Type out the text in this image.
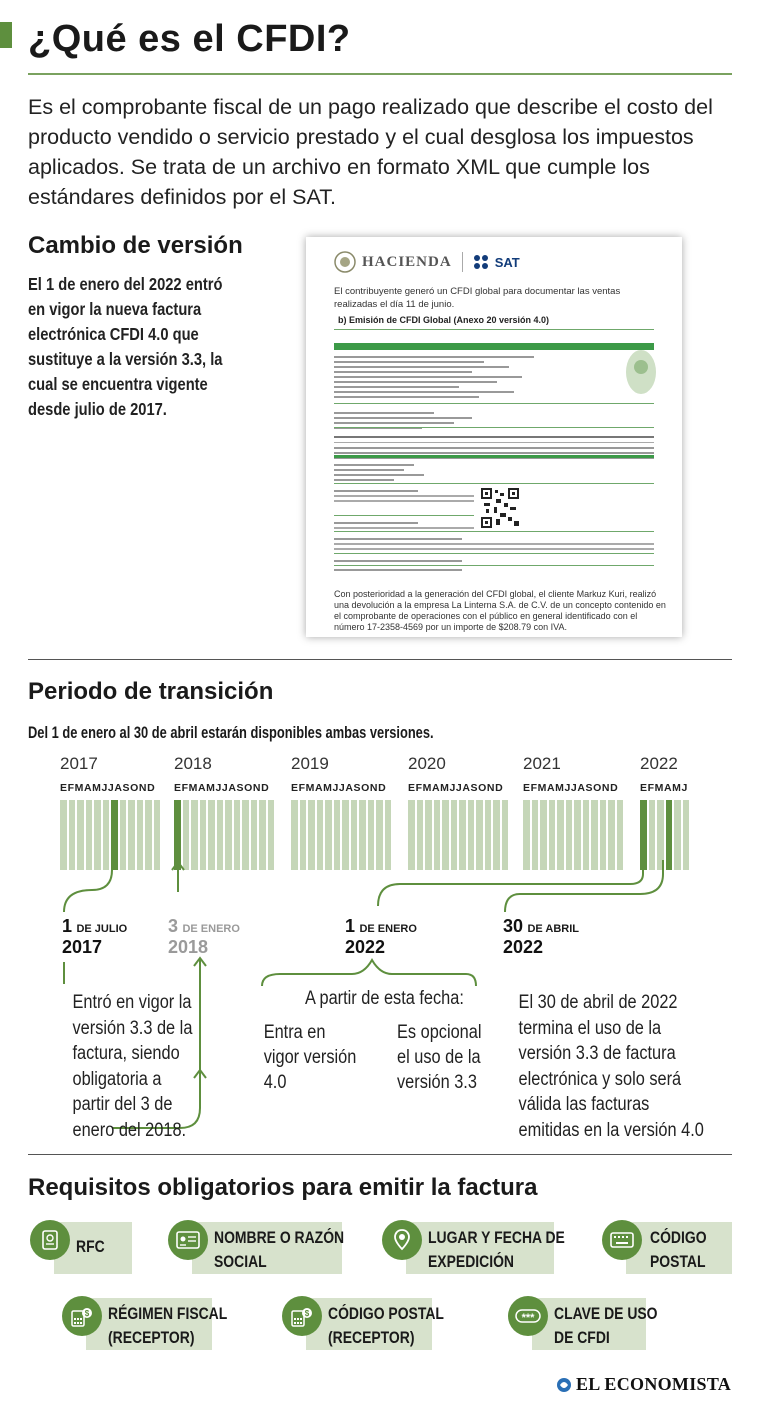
¿Qué es el CFDI?
Es el comprobante fiscal de un pago realizado que describe el costo del producto vendido o servicio prestado y el cual desglosa los impuestos aplicados. Se trata de un archivo en formato XML que cumple los estándares definidos por el SAT.
Cambio de versión
El 1 de enero del 2022 entró en vigor la nueva factura electrónica CFDI 4.0 que sustituye a la versión 3.3, la cual se encuentra vigente desde julio de 2017.
HACIENDA	SAT
El contribuyente generó un CFDI global para documentar las ventas realizadas el día 11 de junio.
b) Emisión de CFDI Global (Anexo 20 versión 4.0)
Con posterioridad a la generación del CFDI global, el cliente Markuz Kuri, realizó una devolución a la empresa La Linterna S.A. de C.V. de un concepto contenido en el comprobante de operaciones con el público en general identificado con el número 17-2358-4569 por un importe de $208.79 con IVA.
Periodo de transición
Del 1 de enero al 30 de abril estarán disponibles ambas versiones.
2017	2018	2019	2020	2021	2022
EFMAMJJASOND EFMAMJJASOND EFMAMJJASOND EFMAMJJASOND EFMAMJJASOND EFMAMJ
1 DE JULIO
2017
3 DE ENERO
2018
1 DE ENERO
2022
30 DE ABRIL
2022
Entró en vigor la versión 3.3 de la factura, siendo obligatoria a partir del 3 de enero del 2018.
A partir de esta fecha:
Entra en vigor versión 4.0
Es opcional el uso de la versión 3.3
El 30 de abril de 2022 termina el uso de la versión 3.3 de factura electrónica y solo será válida las facturas emitidas en la versión 4.0
Requisitos obligatorios para emitir la factura
RFC	NOMBRE O RAZÓN
SOCIAL
LUGAR Y FECHA DE
EXPEDICIÓN
CÓDIGO
POSTAL
$ RÉGIMEN FISCAL
(RECEPTOR)
$ CÓDIGO POSTAL
(RECEPTOR)
*** CLAVE DE USO
DE CFDI
EL ECONOMISTA
